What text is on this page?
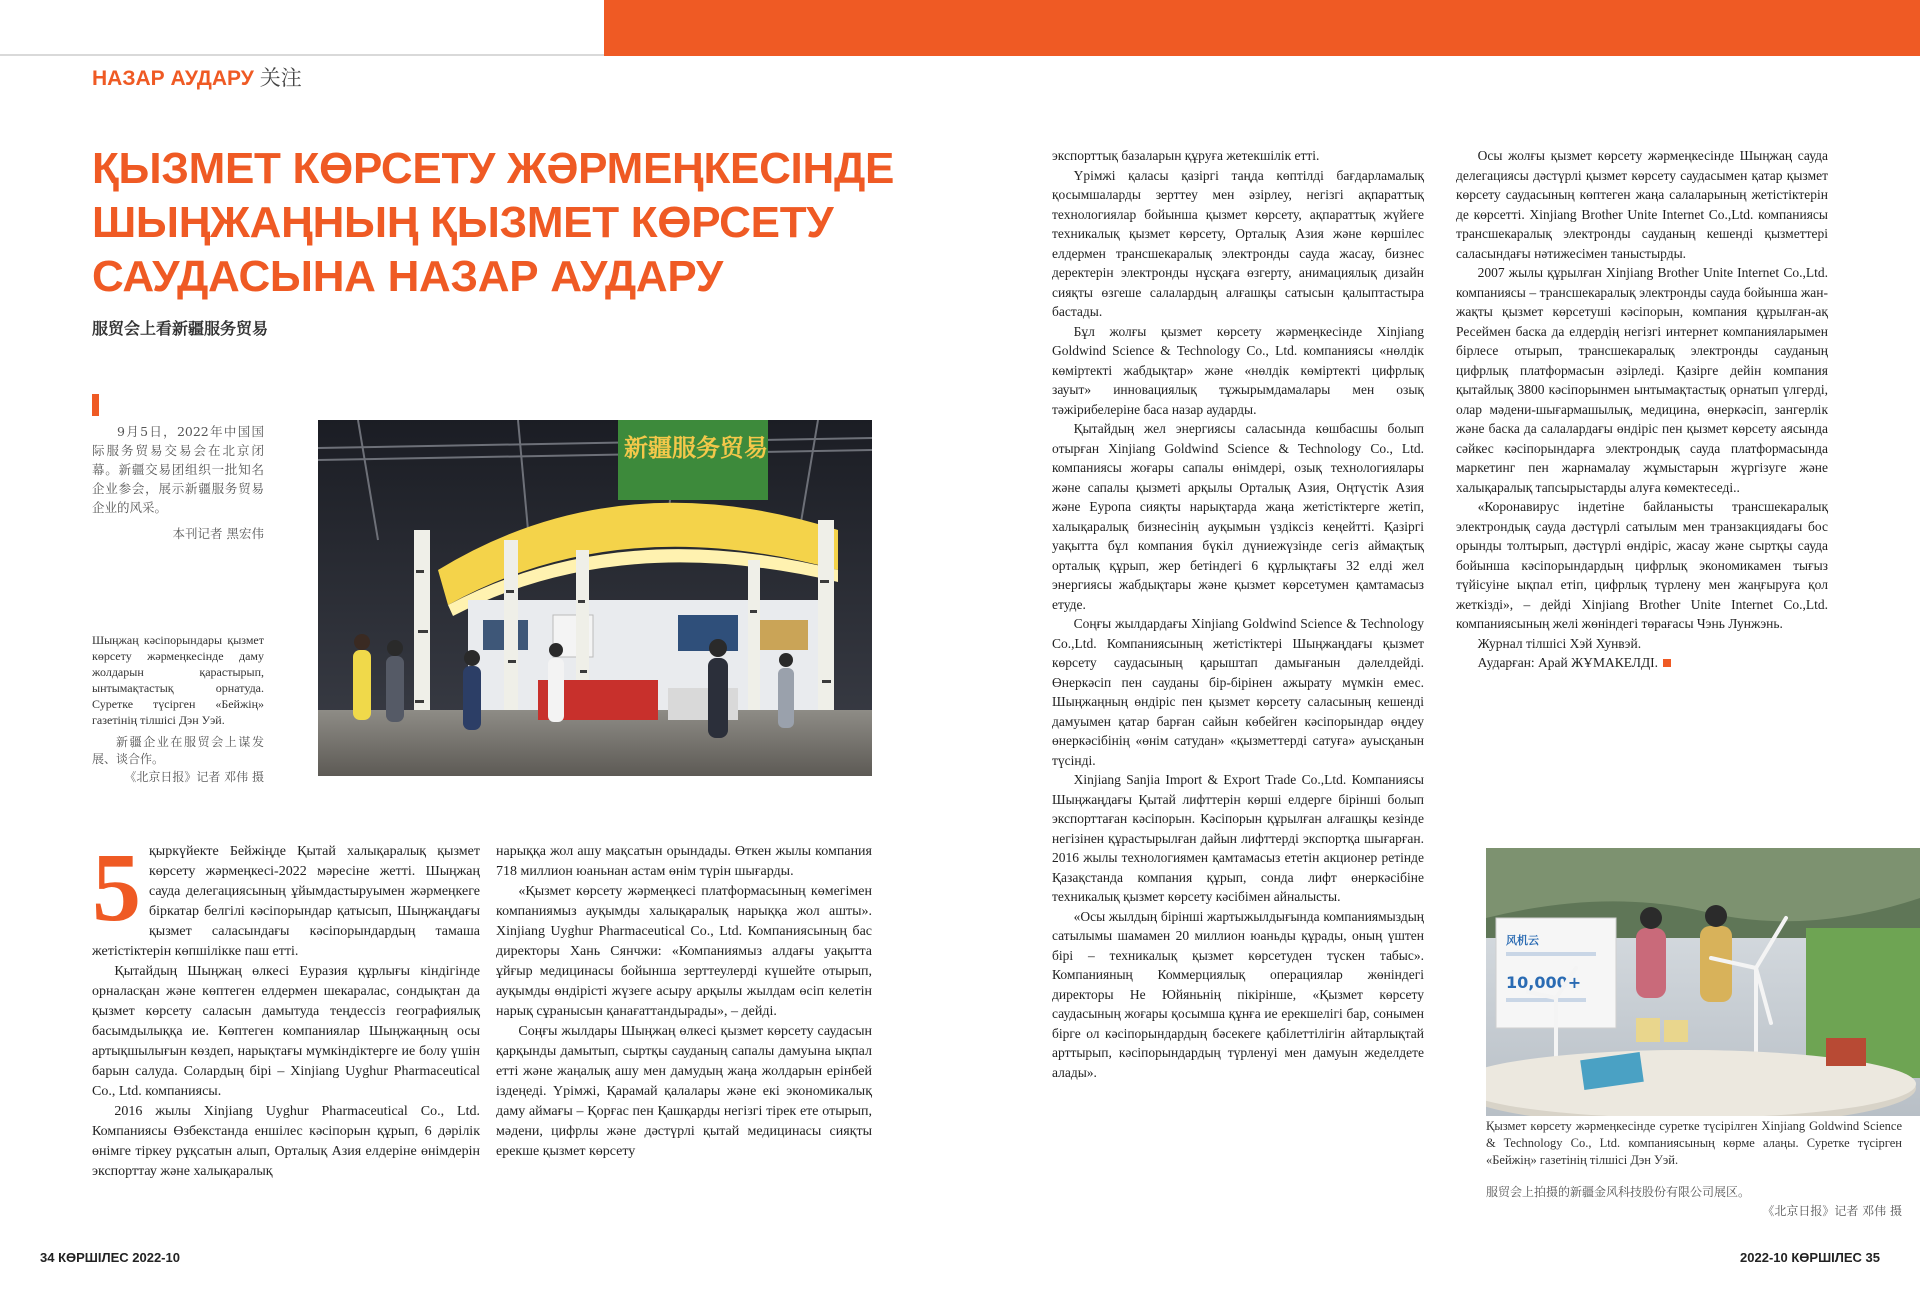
НАЗАР АУДАРУ 关注
ҚЫЗМЕТ КӨРСЕТУ ЖӘРМЕҢКЕСІНДЕ
ШЫҢЖАҢНЫҢ ҚЫЗМЕТ КӨРСЕТУ
САУДАСЫНА НАЗАР АУДАРУ
服贸会上看新疆服务贸易
9月5日，2022年中国国际服务贸易交易会在北京闭幕。新疆交易团组织一批知名企业参会，展示新疆服务贸易企业的风采。
本刊记者 黑宏伟
Шыңжаң кәсіпорындары қызмет көрсету жәрмеңкесінде даму жолдарын қарастырып, ынтымақтастық орнатуда. Суретке түсірген «Бейжің» газетінің тілшісі Дэн Уэй.
新疆企业在服贸会上谋发展、谈合作。
《北京日报》记者 邓伟 摄
新疆服务贸易

5 қыркүйекте Бейжіңде Қытай халықаралық қызмет көрсету жәрмеңкесі-2022 мәресіне жетті. Шыңжаң сауда делегациясының ұйымдастыруымен жәрмеңкеге біркатар белгілі кәсіпорындар қатысып, Шыңжаңдағы қызмет саласындағы кәсіпорындардың тамаша жетістіктерін көпшілікке паш етті.

Қытайдың Шыңжаң өлкесі Еуразия құрлығы кіндігінде орналасқан және көптеген елдермен шекаралас, сондықтан да қызмет көрсету саласын дамытуда теңдессіз географиялық басымдылыққа ие. Көптеген компаниялар Шыңжаңның осы артықшылығын көздеп, нарықтағы мүмкіндіктерге ие болу үшін барын салуда. Солардың бірі – Xinjiang Uyghur Pharmaceutical Co., Ltd. компаниясы.

2016 жылы Xinjiang Uyghur Pharmaceutical Co., Ltd. Компаниясы Өзбекстанда еншілес кәсіпорын құрып, 6 дәрілік өнімге тіркеу рұқсатын алып, Орталық Азия елдеріне өнімдерін экспорттау және халықаралық

нарыққа жол ашу мақсатын орындады. Өткен жылы компания 718 миллион юаньнан астам өнім түрін шығарды.

«Қызмет көрсету жәрмеңкесі платформасының көмегімен компаниямыз ауқымды халықаралық нарыққа жол ашты». Xinjiang Uyghur Pharmaceutical Co., Ltd. Компаниясының бас директоры Хань Сянчжи: «Компаниямыз алдағы уақытта ұйғыр медицинасы бойынша зерттеулерді күшейте отырып, ауқымды өндірісті жүзеге асыру арқылы жылдам өсіп келетін нарық сұранысын қанағаттандырады», – дейді.

Соңғы жылдары Шыңжаң өлкесі қызмет көрсету саудасын қарқынды дамытып, сыртқы сауданың сапалы дамуына ықпал етті және жаңалық ашу мен дамудың жаңа жолдарын ерінбей іздеңеді. Үрімжі, Қарамай қалалары және екі экономикалық даму аймағы – Қорғас пен Қашқарды негізгі тірек ете отырып, мәдени, цифрлы және дәстүрлі қытай медицинасы сияқты ерекше қызмет көрсету

экспорттық базаларын құруға жетекшілік етті.

Үрімжі қаласы қазіргі таңда көптілді бағдарламалық қосымшаларды зерттеу мен әзірлеу, негізгі ақпараттық технологиялар бойынша қызмет көрсету, ақпараттық жүйеге техникалық қызмет көрсету, Орталық Азия және көршілес елдермен трансшекаралық электронды сауда жасау, бизнес деректерін электронды нұсқаға өзгерту, анимациялық дизайн сияқты өзгеше салалардың алғашқы сатысын қалыптастыра бастады.

Бұл жолғы қызмет көрсету жәрмеңкесінде Xinjiang Goldwind Science & Technology Co., Ltd. компаниясы «нөлдік көміртекті жабдықтар» және «нөлдік көміртекті цифрлық зауыт» инновациялық тұжырымдамалары мен озық тәжірибелеріне баса назар аударды.

Қытайдың жел энергиясы саласында көшбасшы болып отырған Xinjiang Goldwind Science & Technology Co., Ltd. компаниясы жоғары сапалы өнімдері, озық технологиялары және сапалы қызметі арқылы Орталық Азия, Оңтүстік Азия және Еуропа сияқты нарықтарда жаңа жетістіктерге жетіп, халықаралық бизнесінің ауқымын үздіксіз кеңейтті. Қазіргі уақытта бұл компания бүкіл дүниежүзінде сегіз аймақтық орталық құрып, жер бетіндегі 6 құрлықтағы 32 елді жел энергиясы жабдықтары және қызмет көрсетумен қамтамасыз етуде.

Соңғы жылдардағы Xinjiang Goldwind Science & Technology Co.,Ltd. Компаниясының жетістіктері Шыңжаңдағы қызмет көрсету саудасының қарыштап дамығанын дәлелдейді. Өнеркәсіп пен сауданы бір-бірінен ажырату мүмкін емес. Шыңжаңның өндіріс пен қызмет көрсету саласының кешенді дамуымен қатар барған сайын көбейген кәсіпорындар өңдеу өнеркәсібінің «өнім сатудан» «қызметтерді сатуға» ауысқанын түсінді.

Xinjiang Sanjia Import & Export Trade Co.,Ltd. Компаниясы Шыңжаңдағы Қытай лифттерін көрші елдерге бірінші болып экспорттаған кәсіпорын. Кәсіпорын құрылған алғашқы кезінде негізінен құрастырылған дайын лифттерді экспортқа шығарған. 2016 жылы технологиямен қамтамасыз ететін акционер ретінде Қазақстанда компания құрып, сонда лифт өнеркәсібіне техникалық қызмет көрсету кәсібімен айналысты.

«Осы жылдың бірінші жартыжылдығында компаниямыздың сатылымы шамамен 20 миллион юаньды құрады, оның үштен бірі – техникалық қызмет көрсетуден түскен табыс». Компанияның Коммерциялық операциялар жөніндегі директоры Не Юйяньнің пікірінше, «Қызмет көрсету саудасының жоғары қосымша құнға ие ерекшелігі бар, сонымен бірге ол кәсіпорындардың бәсекеге қабілеттілігін айтарлықтай арттырып, кәсіпорындардың түрленуі мен дамуын жеделдете алады».

Осы жолғы қызмет көрсету жәрмеңкесінде Шыңжаң сауда делегациясы дәстүрлі қызмет көрсету саудасымен қатар қызмет көрсету саудасының көптеген жаңа салаларының жетістіктерін де көрсетті. Xinjiang Brother Unite Internet Co.,Ltd. компаниясы трансшекаралық электронды сауданың кешенді қызметтері саласындағы нәтижесімен таныстырды.

2007 жылы құрылған Xinjiang Brother Unite Internet Co.,Ltd. компаниясы – трансшекаралық электронды сауда бойынша жан-жақты қызмет көрсетуші кәсіпорын, компания құрылған-ақ Ресеймен баска да елдердің негізгі интернет компанияларымен бірлесе отырып, трансшекаралық электронды сауданың цифрлық платформасын әзірледі. Қазірге дейін компания қытайлық 3800 кәсіпорынмен ынтымақтастық орнатып үлгерді, олар мәдени-шығармашылық, медицина, өнеркәсіп, зангерлік және баска да салалардағы өндіріс пен қызмет көрсету аясында сәйкес кәсіпорындарға электрондық сауда платформасында маркетинг пен жарнамалау жұмыстарын жүргізуге және халықаралық тапсырыстарды алуға көмектеседі..

«Коронавирус індетіне байланысты трансшекаралық электрондық сауда дәстүрлі сатылым мен транзакциядағы бос орынды толтырып, дәстүрлі өндіріс, жасау және сыртқы сауда бойынша кәсіпорындардың цифрлық экономикамен тығыз түйісуіне ықпал етіп, цифрлық түрлену мен жаңғыруға қол жеткізді», – дейді Xinjiang Brother Unite Internet Co.,Ltd. компаниясының желі жөніндегі төрағасы Чэнь Лунжэнь.

Журнал тілшісі Хэй Хунвэй.

Аударған: Арай ЖҰМАКЕЛДІ.

风机云
10,000+
Қызмет көрсету жәрмеңкесінде суретке түсірілген Xinjiang Goldwind Science & Technology Co., Ltd. компаниясының көрме алаңы. Суретке түсірген «Бейжің» газетінің тілшісі Дэн Уэй.
服贸会上拍摄的新疆金风科技股份有限公司展区。
《北京日报》记者 邓伟 摄
34 КӨРШІЛЕС 2022-10	2022-10 КӨРШІЛЕС 35
